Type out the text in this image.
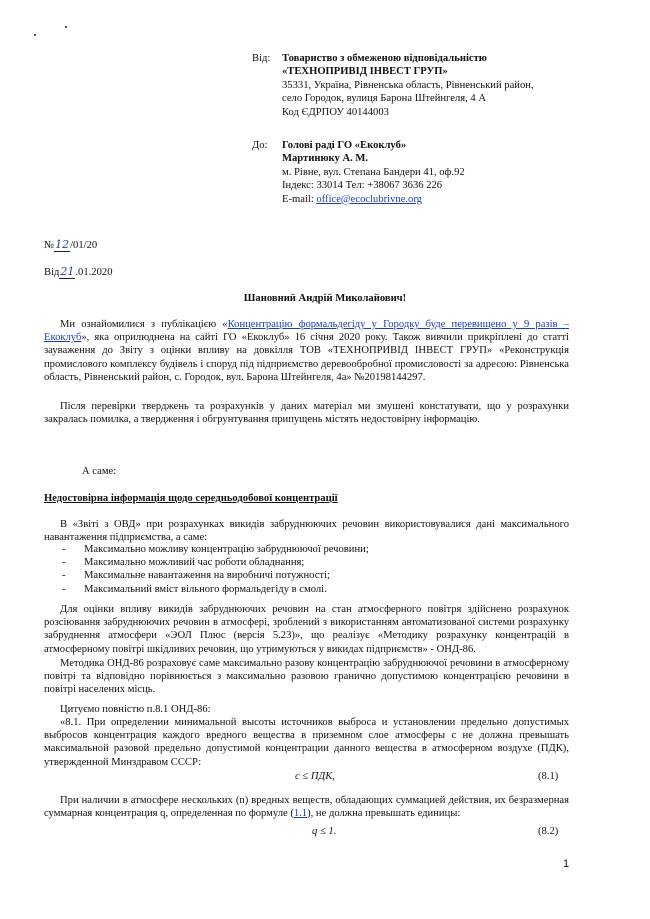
Від: Товариство з обмеженою відповідальністю
«ТЕХНОПРИВІД ІНВЕСТ ГРУП»
35331, Україна, Рівненська область, Рівненський район,
село Городок, вулиця Барона Штейнгеля, 4 А
Код ЄДРПОУ 40144003
До: Голові раді ГО «Екоклуб»
Мартинюку А. М.
м. Рівне, вул. Степана Бандери 41, оф.92
Індекс: 33014 Тел: +38067 3636 226
E-mail: office@ecoclubrivne.org
№12/01/20
Від21.01.2020
Шановний Андрій Миколайович!
Ми ознайомилися з публікацією «Концентрацію формальдегіду у Городку буде перевищено у 9 разів – Екоклуб», яка оприлюднена на сайті ГО «Екоклуб» 16 січня 2020 року. Також вивчили прикріплені до статті зауваження до Звіту з оцінки впливу на довкілля ТОВ «ТЕХНОПРИВІД ІНВЕСТ ГРУП» «Реконструкція промислового комплексу будівель і споруд під підприємство деревообробної промисловості за адресою: Рівненська область, Рівненський район, с. Городок, вул. Барона Штейнгеля, 4а» №20198144297.
Після перевірки тверджень та розрахунків у даних матеріал ми змушені констатувати, що у розрахунки закралась помилка, а твердження і обгрунтування припущень містять недостовірну інформацію.
А саме:
Недостовірна інформація щодо середньодобової концентрації
В «Звіті з ОВД» при розрахунках викидів забруднюючих речовин використовувалися дані максимального навантаження підприємства, а саме:
- Максимально можливу концентрацію забруднюючої речовини;
- Максимально можливий час роботи обладнання;
- Максимальне навантаження на виробничі потужності;
- Максимальний вміст вільного формальдегіду в смолі.
Для оцінки впливу викидів забруднюючих речовин на стан атмосферного повітря здійснено розрахунок розсіювання забруднюючих речовин в атмосфері, зроблений з використанням автоматизованої системи розрахунку забруднення атмосфери «ЭОЛ Плюс (версія 5.23)», що реалізує «Методику розрахунку концентрацій в атмосферному повітрі шкідливих речовин, що утримуються у викидах підприємств» - ОНД-86.
Методика ОНД-86 розраховує саме максимально разову концентрацію забруднюючої речовини в атмосферному повітрі та відповідно порівнюється з максимально разовою гранично допустимою концентрацією речовини в повітрі населених місць.
Цитуємо повністю п.8.1 ОНД-86:
«8.1. При определении минимальной высоты источников выброса и установлении предельно допустимых выбросов концентрация каждого вредного вещества в приземном слое атмосферы c не должна превышать максимальной разовой предельно допустимой концентрации данного вещества в атмосферном воздухе (ПДК), утвержденной Минздравом СССР:
c ≤ ПДК,	(8.1)
При наличии в атмосфере нескольких (n) вредных веществ, обладающих суммацией действия, их безразмерная суммарная концентрация q, определенная по формуле (1.1), не должна превышать единицы:
q ≤ 1.	(8.2)
1
